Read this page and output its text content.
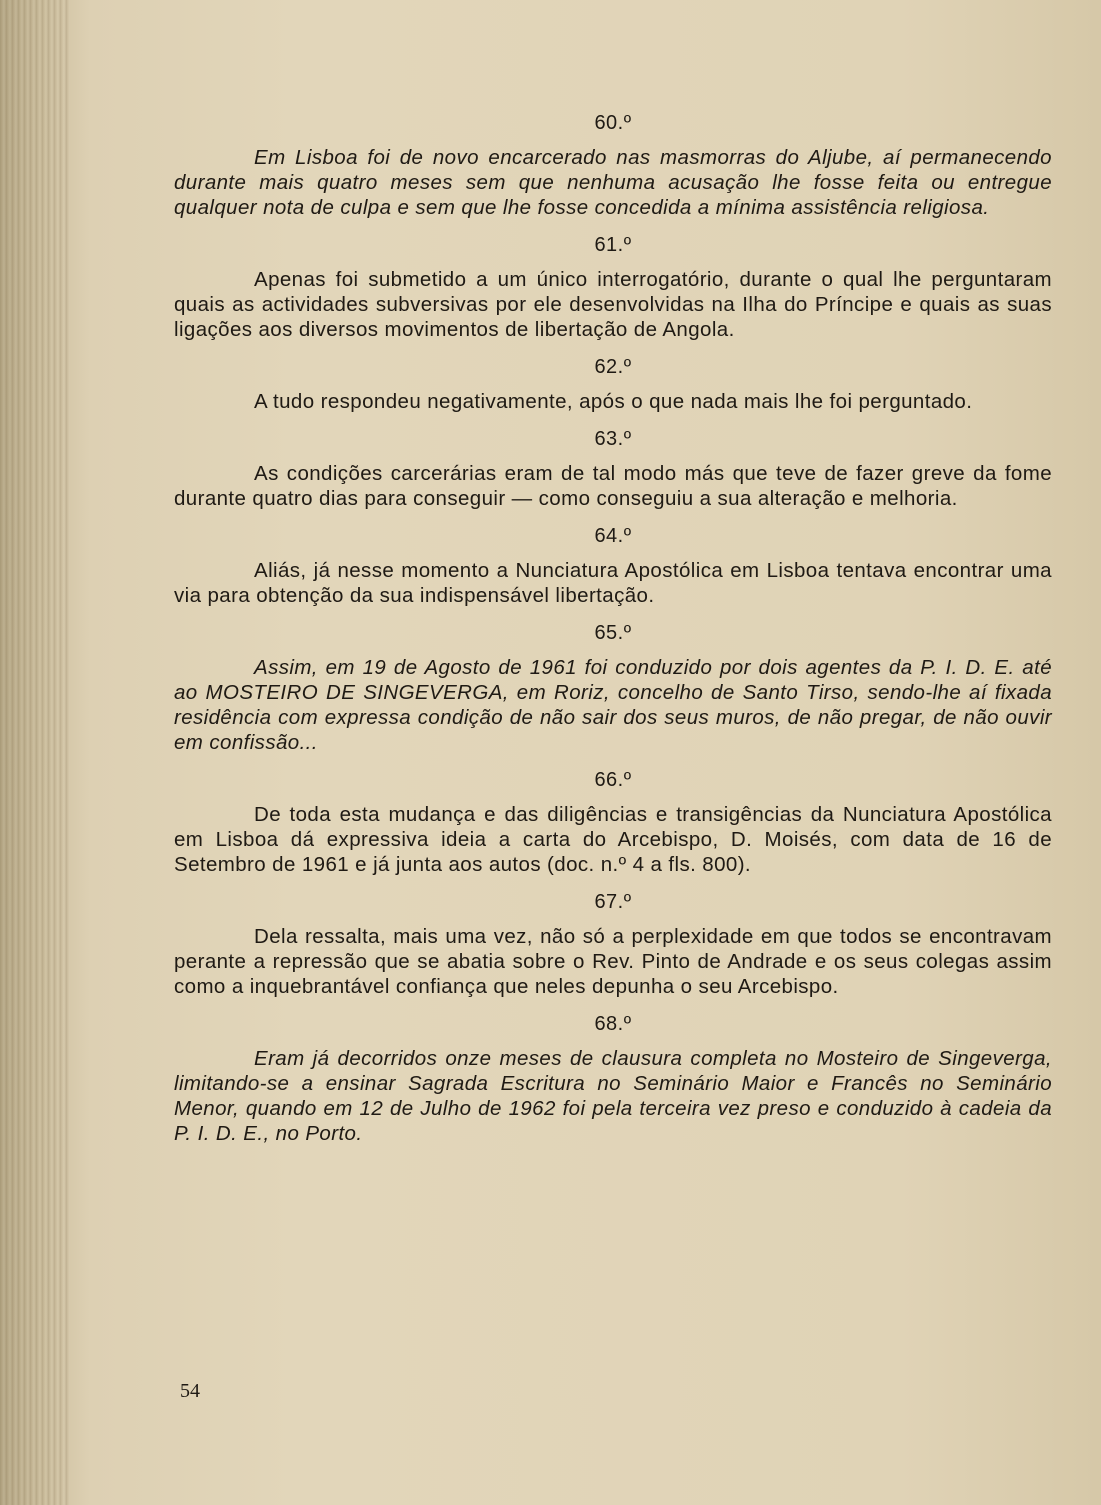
60.º

Em Lisboa foi de novo encarcerado nas masmorras do Aljube, aí permanecendo durante mais quatro meses sem que nenhuma acusação lhe fosse feita ou entregue qualquer nota de culpa e sem que lhe fosse concedida a mínima assistência religiosa.

61.º

Apenas foi submetido a um único interrogatório, durante o qual lhe perguntaram quais as actividades subversivas por ele desenvolvidas na Ilha do Príncipe e quais as suas ligações aos diversos movimentos de libertação de Angola.

62.º

A tudo respondeu negativamente, após o que nada mais lhe foi perguntado.

63.º

As condições carcerárias eram de tal modo más que teve de fazer greve da fome durante quatro dias para conseguir — como conseguiu a sua alteração e melhoria.

64.º

Aliás, já nesse momento a Nunciatura Apostólica em Lisboa tentava encontrar uma via para obtenção da sua indispensável libertação.

65.º

Assim, em 19 de Agosto de 1961 foi conduzido por dois agentes da P. I. D. E. até ao MOSTEIRO DE SINGEVERGA, em Roriz, concelho de Santo Tirso, sendo-lhe aí fixada residência com expressa condição de não sair dos seus muros, de não pregar, de não ouvir em confissão...

66.º

De toda esta mudança e das diligências e transigências da Nunciatura Apostólica em Lisboa dá expressiva ideia a carta do Arcebispo, D. Moisés, com data de 16 de Setembro de 1961 e já junta aos autos (doc. n.º 4 a fls. 800).

67.º

Dela ressalta, mais uma vez, não só a perplexidade em que todos se encontravam perante a repressão que se abatia sobre o Rev. Pinto de Andrade e os seus colegas assim como a inquebrantável confiança que neles depunha o seu Arcebispo.

68.º

Eram já decorridos onze meses de clausura completa no Mosteiro de Singeverga, limitando-se a ensinar Sagrada Escritura no Seminário Maior e Francês no Seminário Menor, quando em 12 de Julho de 1962 foi pela terceira vez preso e conduzido à cadeia da P. I. D. E., no Porto.

54
